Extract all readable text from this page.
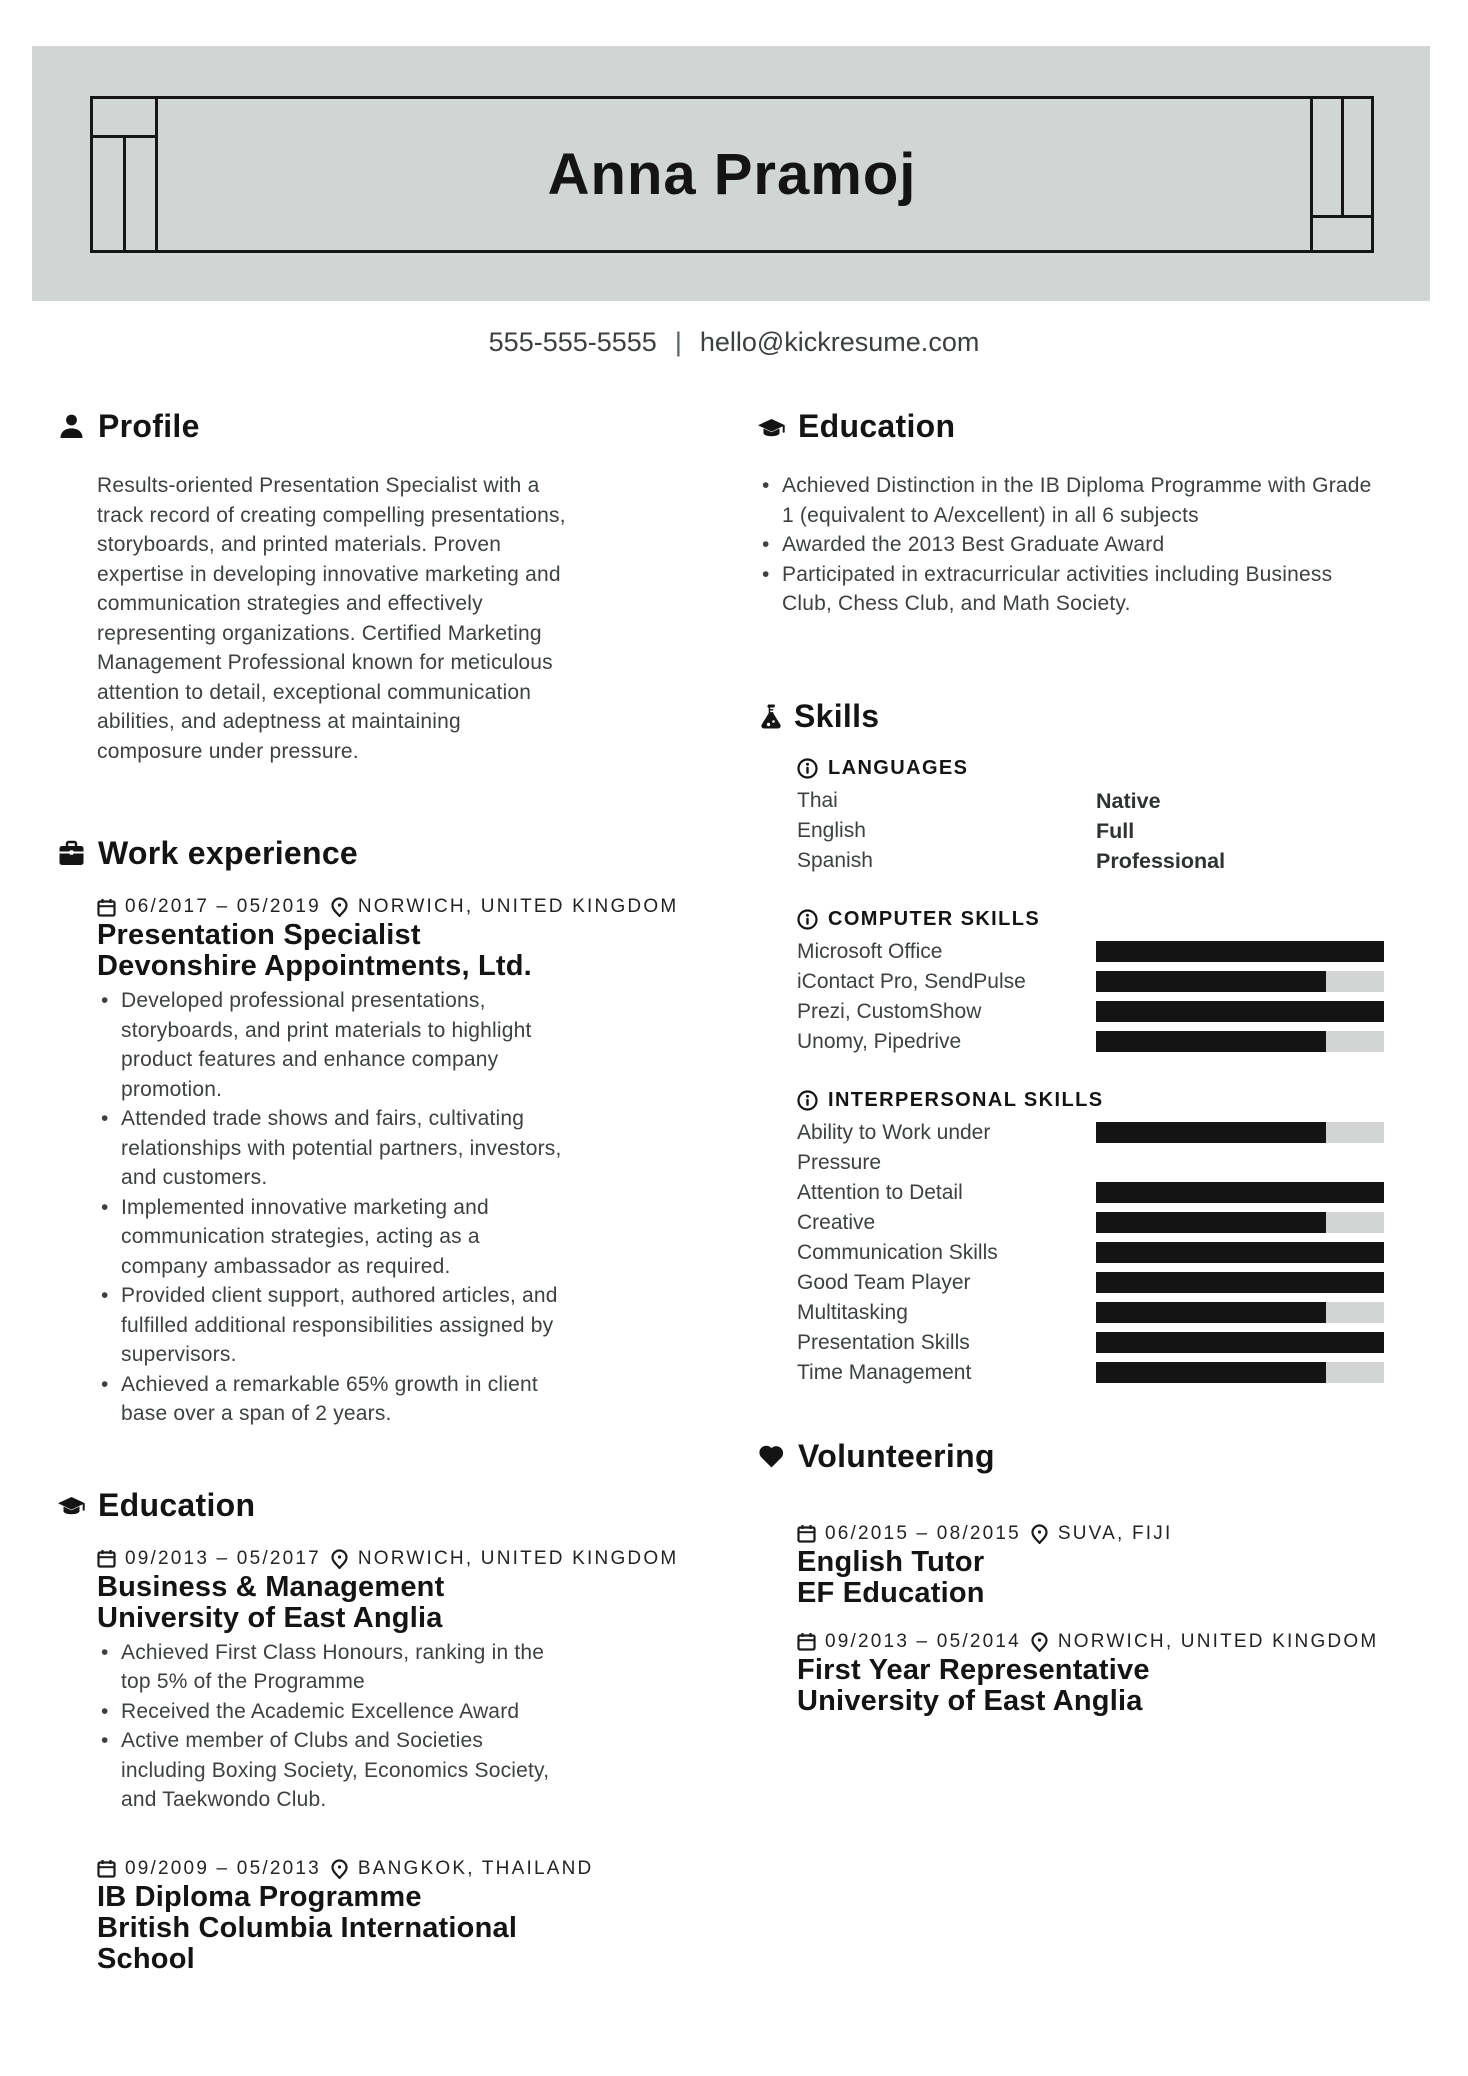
Anna Pramoj
555-555-5555 | hello@kickresume.com
Profile
Results-oriented Presentation Specialist with a track record of creating compelling presentations, storyboards, and printed materials. Proven expertise in developing innovative marketing and communication strategies and effectively representing organizations. Certified Marketing Management Professional known for meticulous attention to detail, exceptional communication abilities, and adeptness at maintaining composure under pressure.
Work experience
06/2017 – 05/2019 NORWICH, UNITED KINGDOM
Presentation Specialist
Devonshire Appointments, Ltd.
• Developed professional presentations, storyboards, and print materials to highlight product features and enhance company promotion.
• Attended trade shows and fairs, cultivating relationships with potential partners, investors, and customers.
• Implemented innovative marketing and communication strategies, acting as a company ambassador as required.
• Provided client support, authored articles, and fulfilled additional responsibilities assigned by supervisors.
• Achieved a remarkable 65% growth in client base over a span of 2 years.
Education
09/2013 – 05/2017 NORWICH, UNITED KINGDOM
Business & Management
University of East Anglia
• Achieved First Class Honours, ranking in the top 5% of the Programme
• Received the Academic Excellence Award
• Active member of Clubs and Societies including Boxing Society, Economics Society, and Taekwondo Club.
09/2009 – 05/2013 BANGKOK, THAILAND
IB Diploma Programme
British Columbia International School
Education
• Achieved Distinction in the IB Diploma Programme with Grade 1 (equivalent to A/excellent) in all 6 subjects
• Awarded the 2013 Best Graduate Award
• Participated in extracurricular activities including Business Club, Chess Club, and Math Society.
Skills
LANGUAGES
Thai	Native
English	Full
Spanish	Professional
COMPUTER SKILLS
Microsoft Office
iContact Pro, SendPulse
Prezi, CustomShow
Unomy, Pipedrive
INTERPERSONAL SKILLS
Ability to Work under Pressure
Attention to Detail
Creative
Communication Skills
Good Team Player
Multitasking
Presentation Skills
Time Management
Volunteering
06/2015 – 08/2015 SUVA, FIJI
English Tutor
EF Education
09/2013 – 05/2014 NORWICH, UNITED KINGDOM
First Year Representative
University of East Anglia
